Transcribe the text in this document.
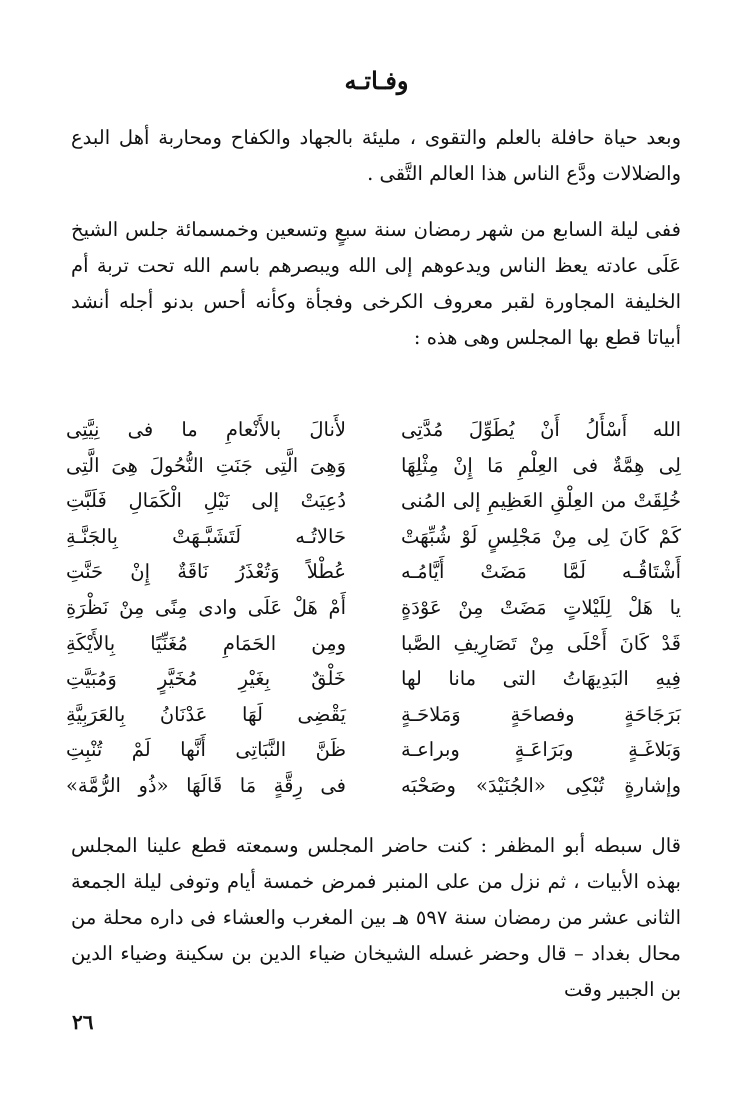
وفـاتـه

وبعد حياة حافلة بالعلم والتقوى ، مليئة بالجهاد والكفاح ومحاربة أهل البدع والضلالات ودَّع الناس هذا العالم التَّقى .

ففى ليلة السابع من شهر رمضان سنة سبعٍ وتسعين وخمسمائة جلس الشيخ عَلَى عادته يعظ الناس ويدعوهم إلى الله ويبصرهم باسم الله تحت تربة أم الخليفة المجاورة لقبر معروف الكرخى وفجأة وكأنه أحس بدنو أجله أنشد أبياتا قطع بها المجلس وهى هذه :

الله أَسْأَلُ أَنْ يُطَوِّلَ مُدَّتِى
لأَنالَ بالأَنْعامِ ما فى نِيَّتِى
لِى هِمَّةٌ فى العِلْمِ مَا إِنْ مِثْلِهَا
وَهِىَ الَّتِى جَنَتِ النُّحُولَ هِىَ الَّتِى
خُلِقَتْ من العِلْقِ العَظِيمِ إلى المُنى
دُعِيَتْ إلى نَيْلِ الْكَمَالِ فَلَبَّتِ
كَمْ كَانَ لِى مِنْ مَجْلِسٍ لَوْ شُبِّهَتْ
حَالاتُـه لَتَشَبَّـهَتْ بِالجَنَّـةِ
أَشْتَاقُـه لَمَّا مَضَتْ أَيَّامُـه
عُطْلاً وَتُعْذَرُ نَاقَةٌ إِنْ حَنَّتِ
يا هَلْ لِلَيْلاتٍ مَضَتْ مِنْ عَوْدَةٍ
أَمْ هَلْ عَلَى وادى مِنًى مِنْ نَظْرَةِ
قَدْ كَانَ أَحْلَى مِنْ تَصَارِيفِ الصَّبا
ومِن الحَمَامِ مُغَنِّيًا بِالأَيْكَةِ
فِيهِ البَدِيهَاتُ التى مانا لها
خَلْقٌ بِغَيْرِ مُخَيَّرٍ وَمُبَيَّتِ
بَرَجَاحَةٍ وفصاحَةٍ وَمَلاحَـةٍ
يَقْضِى لَهَا عَدْنَانُ بِالعَرَبِيَّةِ
وَبَلاغَـةٍ وبَرَاعَـةٍ وبراعـة
ظَنَّ النَّبَاتِى أَنَّها لَمْ تُنْبِتِ
وإشارةٍ تُبْكِى «الجُنَيْدَ» وصَحْبَه
فى رِقَّةٍ مَا قَالَهَا «ذُو الرُّمَّة»

قال سبطه أبو المظفر : كنت حاضر المجلس وسمعته قطع علينا المجلس بهذه الأبيات ، ثم نزل من على المنبر فمرض خمسة أيام وتوفى ليلة الجمعة الثانى عشر من رمضان سنة ٥٩٧ هـ بين المغرب والعشاء فى داره محلة من محال بغداد – قال وحضر غسله الشيخان ضياء الدين بن سكينة وضياء الدين بن الجبير وقت

٢٦
